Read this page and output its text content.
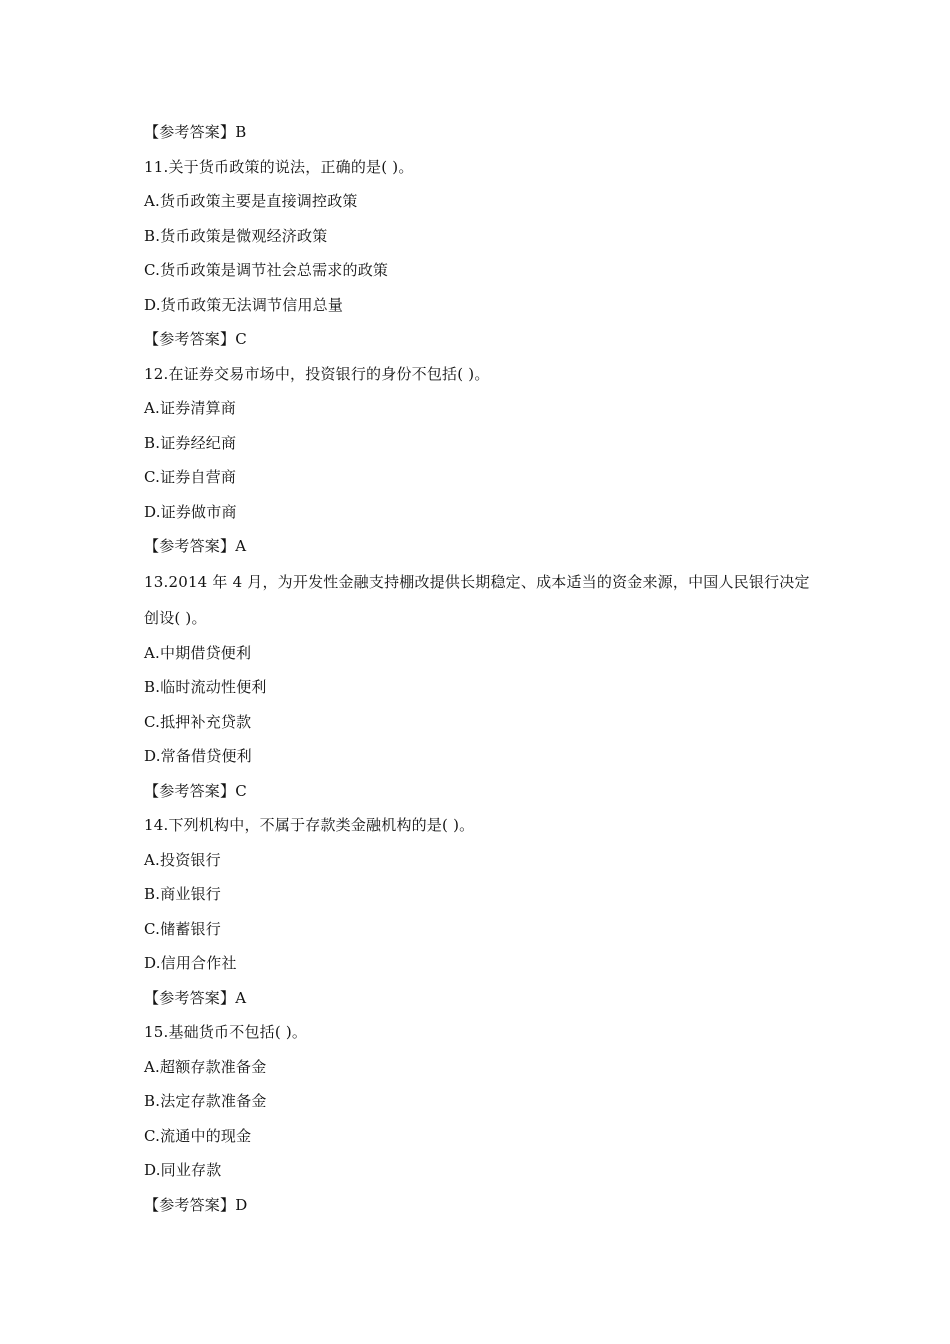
【参考答案】B
11.关于货币政策的说法，正确的是( )。
A.货币政策主要是直接调控政策
B.货币政策是微观经济政策
C.货币政策是调节社会总需求的政策
D.货币政策无法调节信用总量
【参考答案】C
12.在证券交易市场中，投资银行的身份不包括( )。
A.证券清算商
B.证券经纪商
C.证券自营商
D.证券做市商
【参考答案】A
13.2014 年 4 月，为开发性金融支持棚改提供长期稳定、成本适当的资金来源，中国人民银行决定创设( )。
A.中期借贷便利
B.临时流动性便利
C.抵押补充贷款
D.常备借贷便利
【参考答案】C
14.下列机构中，不属于存款类金融机构的是( )。
A.投资银行
B.商业银行
C.储蓄银行
D.信用合作社
【参考答案】A
15.基础货币不包括( )。
A.超额存款准备金
B.法定存款准备金
C.流通中的现金
D.同业存款
【参考答案】D
